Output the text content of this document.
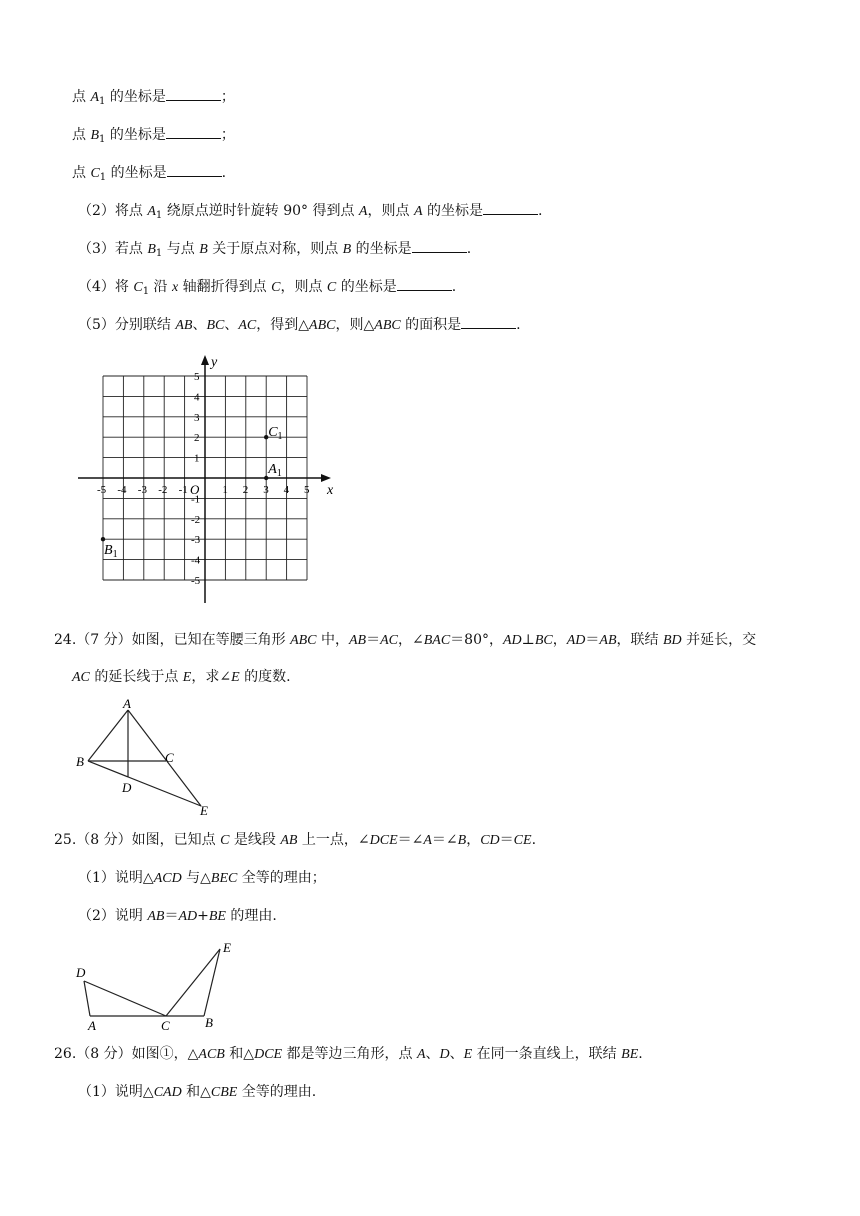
点 $A_1$ 的坐标是	；
点 $B_1$ 的坐标是	；
点 $C_1$ 的坐标是	.
（2）将点 $A_1$ 绕原点逆时针旋转 90° 得到点 A，则点 A 的坐标是	.
（3）若点 $B_1$ 与点 B 关于原点对称，则点 B 的坐标是	.
（4）将 $C_1$ 沿 x 轴翻折得到点 C，则点 C 的坐标是	.
（5）分别联结 AB、BC、AC，得到△ABC，则△ABC 的面积是	.
x
y
O
-5 -4 -3 -2 -1	1 2 3 4 5
5
4
3
2
1
-1
-2
-3
-4
-5
$A_1$
$C_1$
$B_1$
24.（7 分）如图，已知在等腰三角形 ABC 中，AB＝AC，∠BAC＝80°，AD⊥BC，AD＝AB，联结 BD 并延长，交
AC 的延长线于点 E，求∠E 的度数.
A
B	C
D
E
25.（8 分）如图，已知点 C 是线段 AB 上一点，∠DCE＝∠A＝∠B，CD＝CE.
（1）说明△ACD 与△BEC 全等的理由；
（2）说明 AB＝AD+BE 的理由.
D
A	C	B
E
26.（8 分）如图①，△ACB 和△DCE 都是等边三角形，点 A、D、E 在同一条直线上，联结 BE.
（1）说明△CAD 和△CBE 全等的理由.
